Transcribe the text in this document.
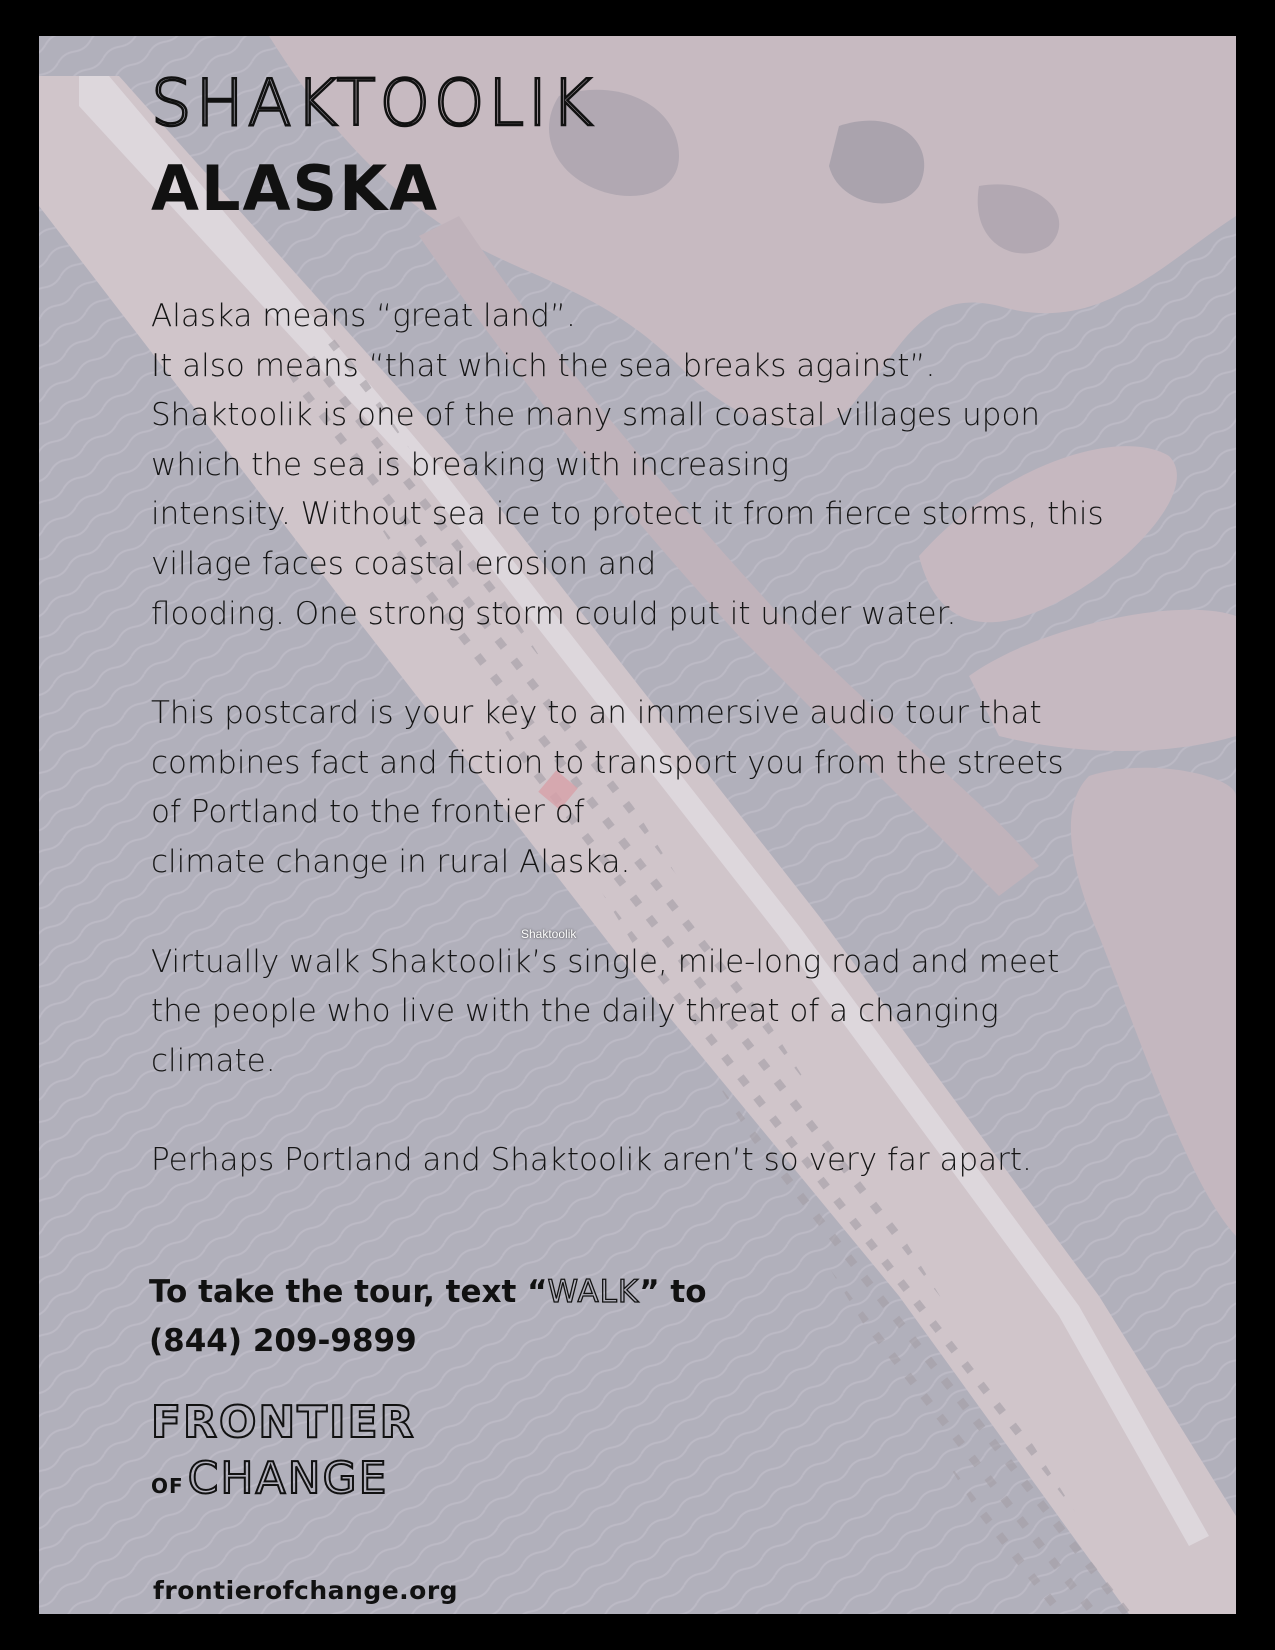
SHAKTOOLIK
ALASKA
Shaktoolik
Alaska means “great land”.
It also means “that which the sea breaks against”.
Shaktoolik is one of the many small coastal villages upon
which the sea is breaking with increasing
intensity. Without sea ice to protect it from fierce storms, this
village faces coastal erosion and
flooding. One strong storm could put it under water.
This postcard is your key to an immersive audio tour that
combines fact and fiction to transport you from the streets
of Portland to the frontier of
climate change in rural Alaska.
Virtually walk Shaktoolik’s single, mile-long road and meet
the people who live with the daily threat of a changing
climate.
Perhaps Portland and Shaktoolik aren’t so very far apart.
To take the tour, text “WALK” to
(844) 209-9899
FRONTIER
OFCHANGE
frontierofchange.org
